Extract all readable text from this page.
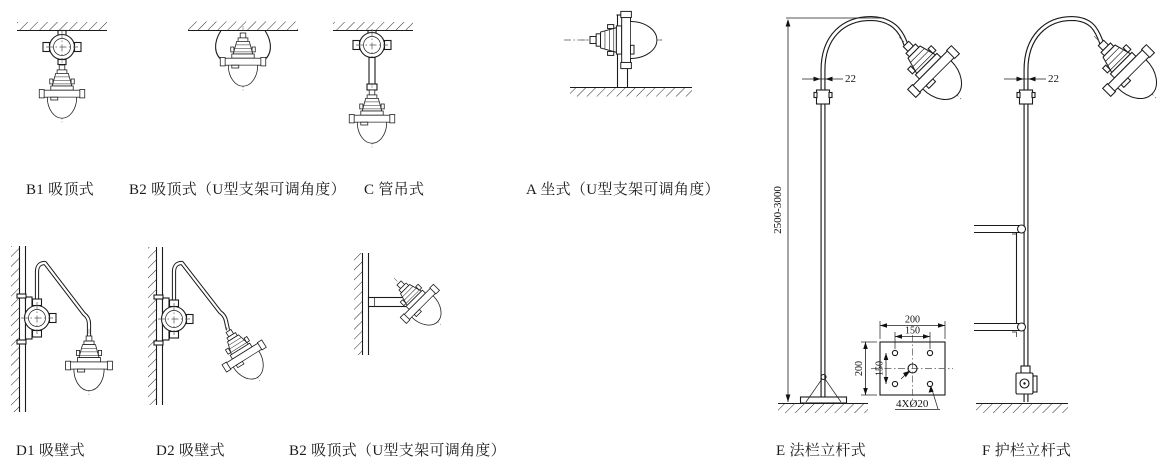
2500-3000
22
200
150
200 150
4XØ20
22
B1 吸顶式 B2 吸顶式（U型支架可调角度） C 管吊式	A 坐式（U型支架可调角度）
D1 吸壁式	D2 吸壁式	B2 吸顶式（U型支架可调角度）	E 法栏立杆式	F 护栏立杆式
